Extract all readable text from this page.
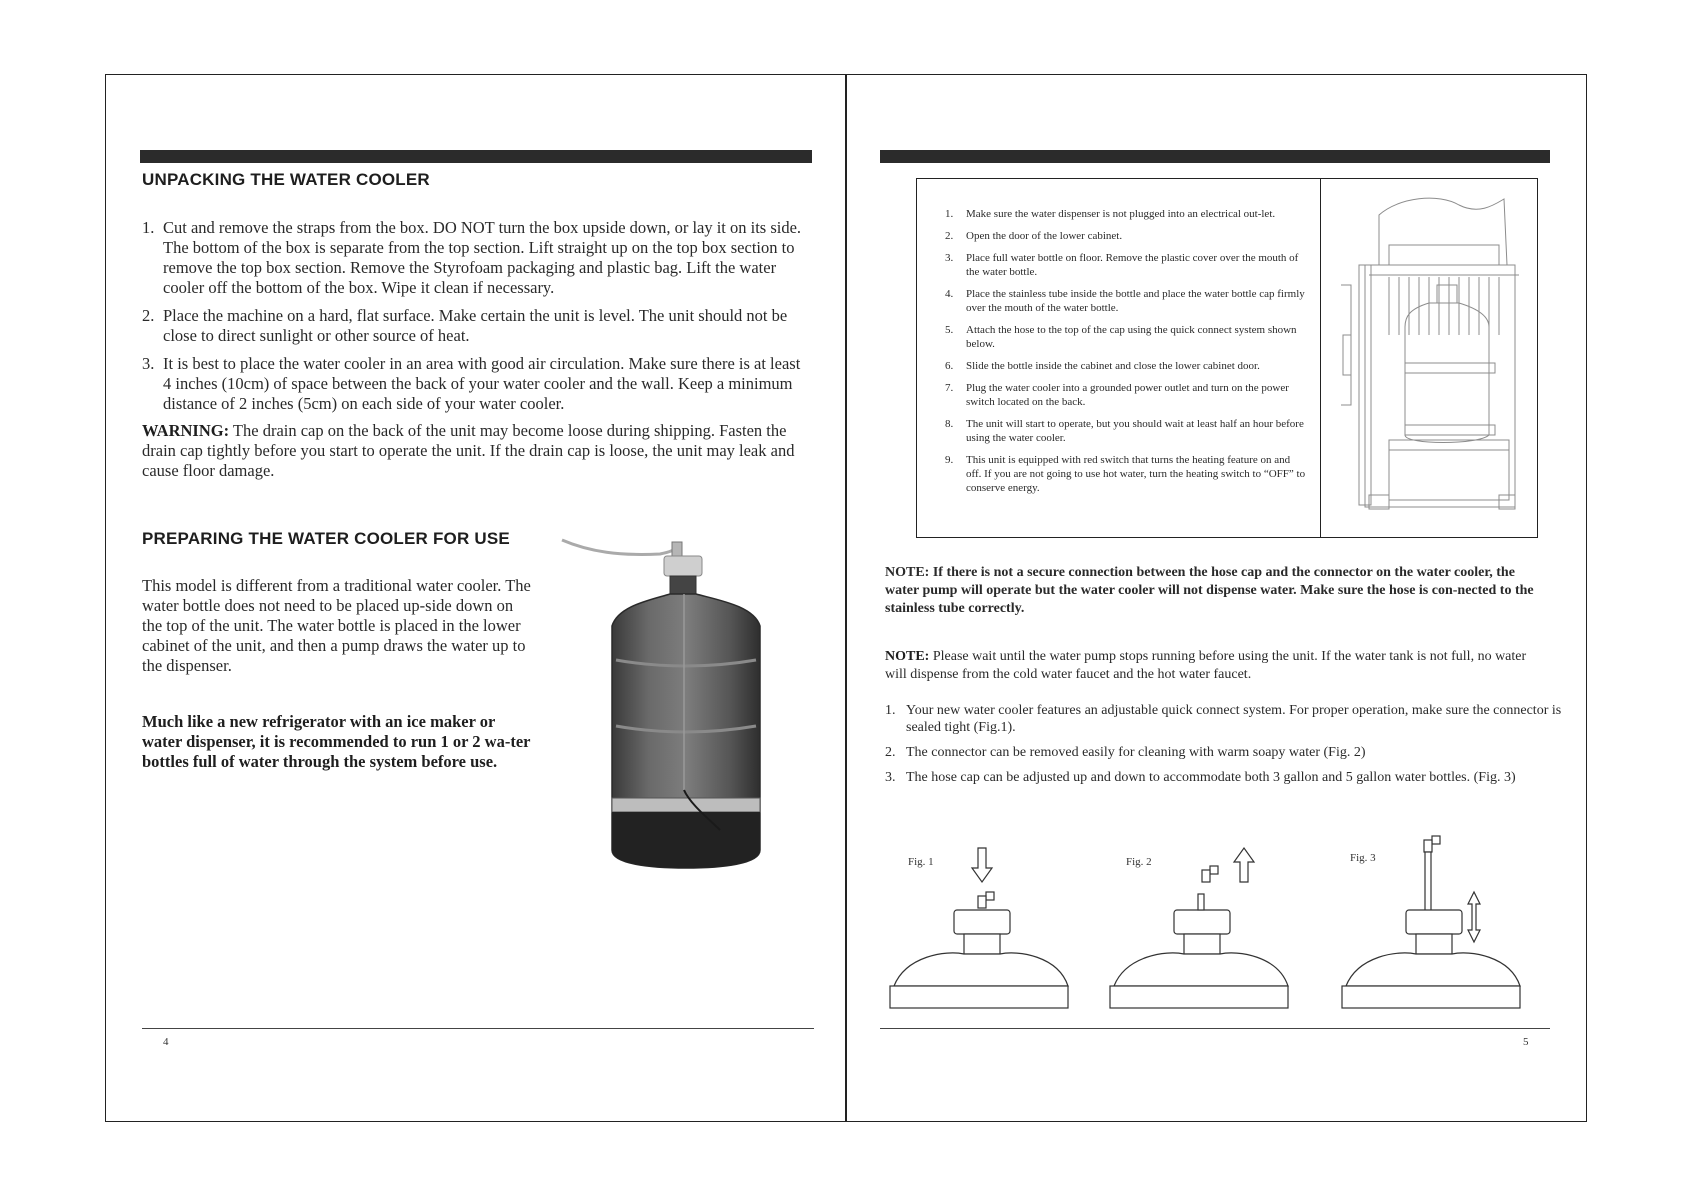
UNPACKING THE WATER COOLER
1. Cut and remove the straps from the box. DO NOT turn the box upside down, or lay it on its side. The bottom of the box is separate from the top section. Lift straight up on the top box section to remove the top box section. Remove the Styrofoam packaging and plastic bag. Lift the water cooler off the bottom of the box. Wipe it clean if necessary.
2. Place the machine on a hard, flat surface. Make certain the unit is level. The unit should not be close to direct sunlight or other source of heat.
3. It is best to place the water cooler in an area with good air circulation. Make sure there is at least 4 inches (10cm) of space between the back of your water cooler and the wall. Keep a minimum distance of 2 inches (5cm) on each side of your water cooler.
WARNING: The drain cap on the back of the unit may become loose during shipping. Fasten the drain cap tightly before you start to operate the unit. If the drain cap is loose, the unit may leak and cause floor damage.
PREPARING THE WATER COOLER FOR USE
This model is different from a traditional water cooler. The water bottle does not need to be placed up-side down on the top of the unit. The water bottle is placed in the lower cabinet of the unit, and then a pump draws the water up to the dispenser.
Much like a new refrigerator with an ice maker or water dispenser, it is recommended to run 1 or 2 wa-ter bottles full of water through the system before use.
4
1. Make sure the water dispenser is not plugged into an electrical out-let.
2. Open the door of the lower cabinet.
3. Place full water bottle on floor. Remove the plastic cover over the mouth of the water bottle.
4. Place the stainless tube inside the bottle and place the water bottle cap firmly over the mouth of the water bottle.
5. Attach the hose to the top of the cap using the quick connect system shown below.
6. Slide the bottle inside the cabinet and close the lower cabinet door.
7. Plug the water cooler into a grounded power outlet and turn on the power switch located on the back.
8. The unit will start to operate, but you should wait at least half an hour before using the water cooler.
9. This unit is equipped with red switch that turns the heating feature on and off. If you are not going to use hot water, turn the heating switch to “OFF” to conserve energy.
NOTE: If there is not a secure connection between the hose cap and the connector on the water cooler, the water pump will operate but the water cooler will not dispense water. Make sure the hose is con-nected to the stainless tube correctly.
NOTE: Please wait until the water pump stops running before using the unit. If the water tank is not full, no water will dispense from the cold water faucet and the hot water faucet.
1. Your new water cooler features an adjustable quick connect system. For proper operation, make sure the connector is sealed tight (Fig.1).
2. The connector can be removed easily for cleaning with warm soapy water (Fig. 2)
3. The hose cap can be adjusted up and down to accommodate both 3 gallon and 5 gallon water bottles. (Fig. 3)
Fig. 1	Fig. 2	Fig. 3
5
